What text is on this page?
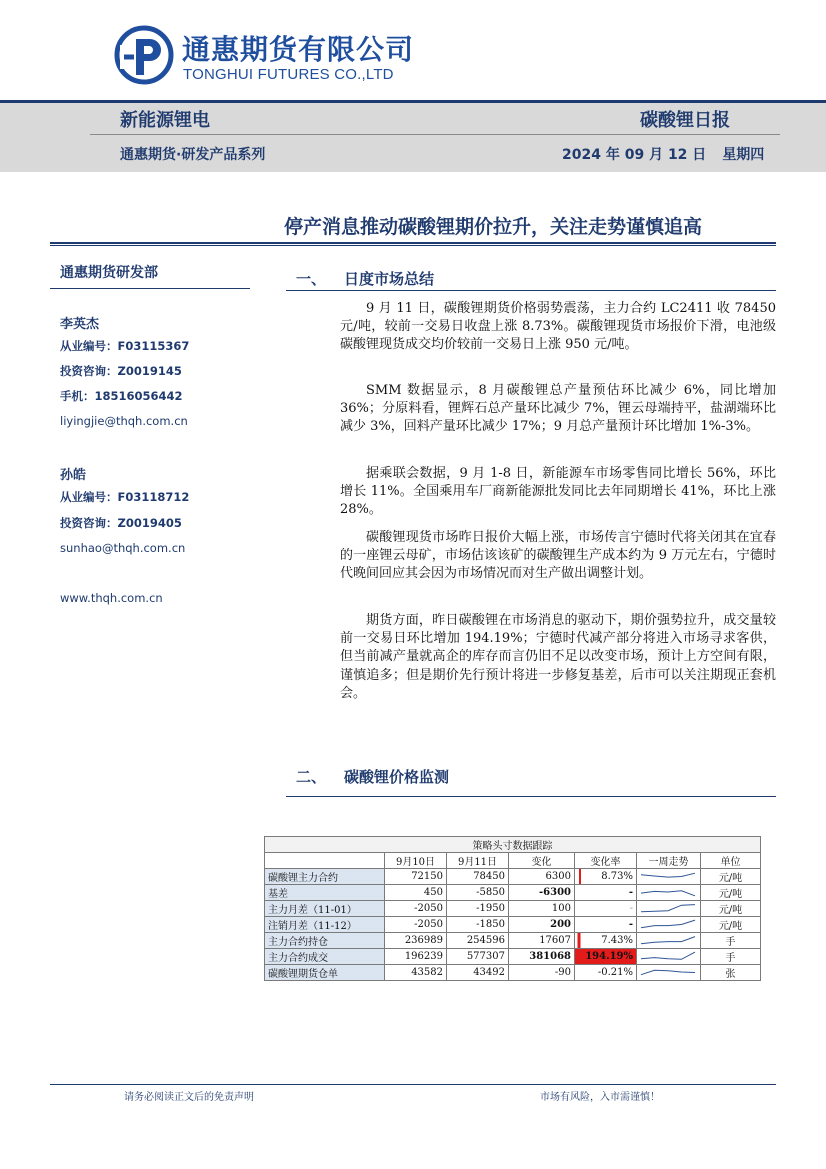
通惠期货有限公司
TONGHUI FUTURES CO.,LTD
新能源锂电	碳酸锂日报
通惠期货·研发产品系列	2024 年 09 月 12 日 星期四
停产消息推动碳酸锂期价拉升，关注走势谨慎追高
通惠期货研发部
李英杰
从业编号：F03115367
投资咨询：Z0019145
手机：18516056442
liyingjie@thqh.com.cn
孙皓
从业编号：F03118712
投资咨询：Z0019405
sunhao@thqh.com.cn
www.thqh.com.cn
一、 日度市场总结
9 月 11 日，碳酸锂期货价格弱势震荡，主力合约 LC2411 收 78450 元/吨，较前一交易日收盘上涨 8.73%。碳酸锂现货市场报价下滑，电池级碳酸锂现货成交均价较前一交易日上涨 950 元/吨。
SMM 数据显示，8 月碳酸锂总产量预估环比减少 6%，同比增加 36%；分原料看，锂辉石总产量环比减少 7%，锂云母端持平，盐湖端环比减少 3%，回料产量环比减少 17%；9 月总产量预计环比增加 1%-3%。
据乘联会数据，9 月 1-8 日，新能源车市场零售同比增长 56%，环比增长 11%。全国乘用车厂商新能源批发同比去年同期增长 41%，环比上涨 28%。
碳酸锂现货市场昨日报价大幅上涨，市场传言宁德时代将关闭其在宜春的一座锂云母矿，市场估该该矿的碳酸锂生产成本约为 9 万元左右，宁德时代晚间回应其会因为市场情况而对生产做出调整计划。
期货方面，昨日碳酸锂在市场消息的驱动下，期价强势拉升，成交量较前一交易日环比增加 194.19%；宁德时代减产部分将进入市场寻求客供，但当前减产量就高企的库存而言仍旧不足以改变市场，预计上方空间有限，谨慎追多；但是期价先行预计将进一步修复基差，后市可以关注期现正套机会。
二、 碳酸锂价格监测
策略头寸数据跟踪						
	9月10日	9月11日	变化	变化率	一周走势	单位
碳酸锂主力合约	72150	78450	6300	8.73%		元/吨
基差	450	-5850	-6300	-		元/吨
主力月差（11-01）	-2050	-1950	100	-		元/吨
注销月差（11-12）	-2050	-1850	200	-		元/吨
主力合约持仓	236989	254596	17607	7.43%		手
主力合约成交	196239	577307	381068	194.19%		手
碳酸锂期货仓单	43582	43492	-90	-0.21%		张
请务必阅读正文后的免责声明	市场有风险，入市需谨慎！
